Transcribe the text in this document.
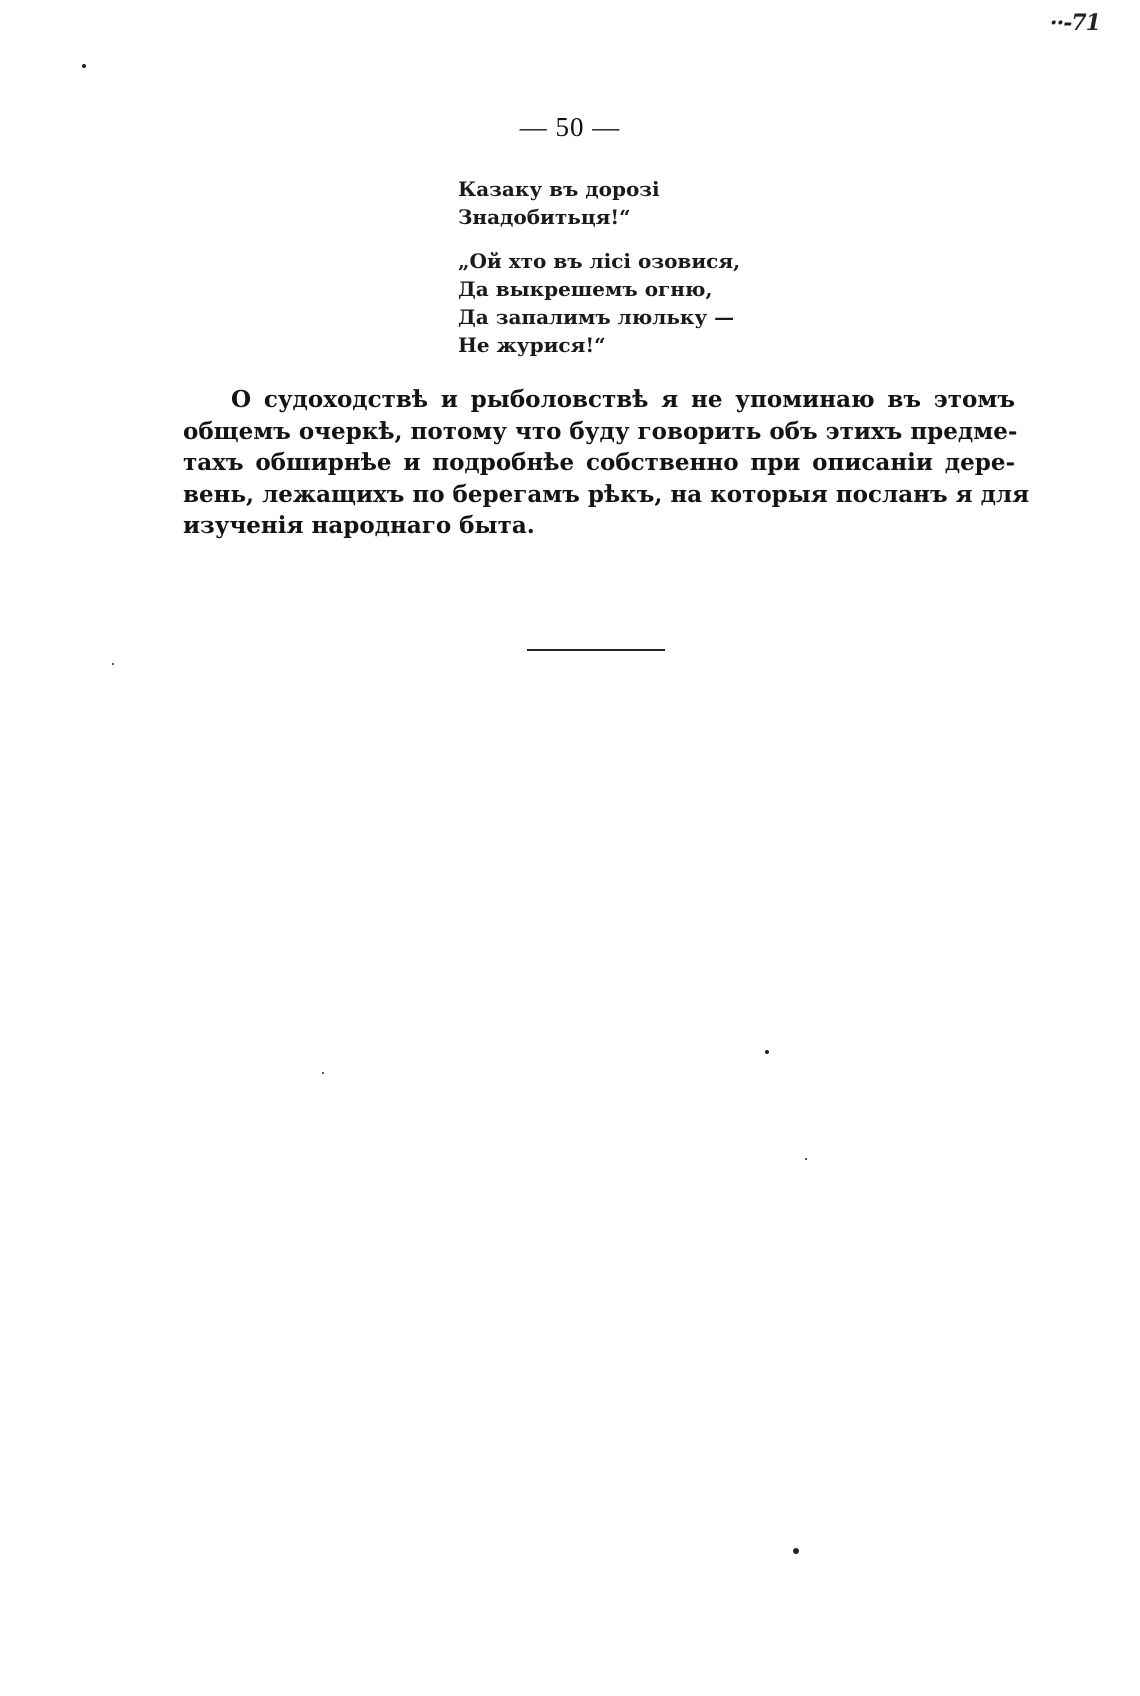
··-71
— 50 —
Казаку въ дорозі
Знадобитьця!“
„Ой хто въ лісі озовися,
Да выкрешемъ огню,
Да запалимъ люльку —
Не журися!“
О судоходствѣ и рыболовствѣ я не упоминаю въ этомъ
общемъ очеркѣ, потому что буду говорить объ этихъ предме-
тахъ обширнѣе и подробнѣе собственно при описаніи дере-
вень, лежащихъ по берегамъ рѣкъ, на которыя посланъ я для
изученія народнаго быта.
